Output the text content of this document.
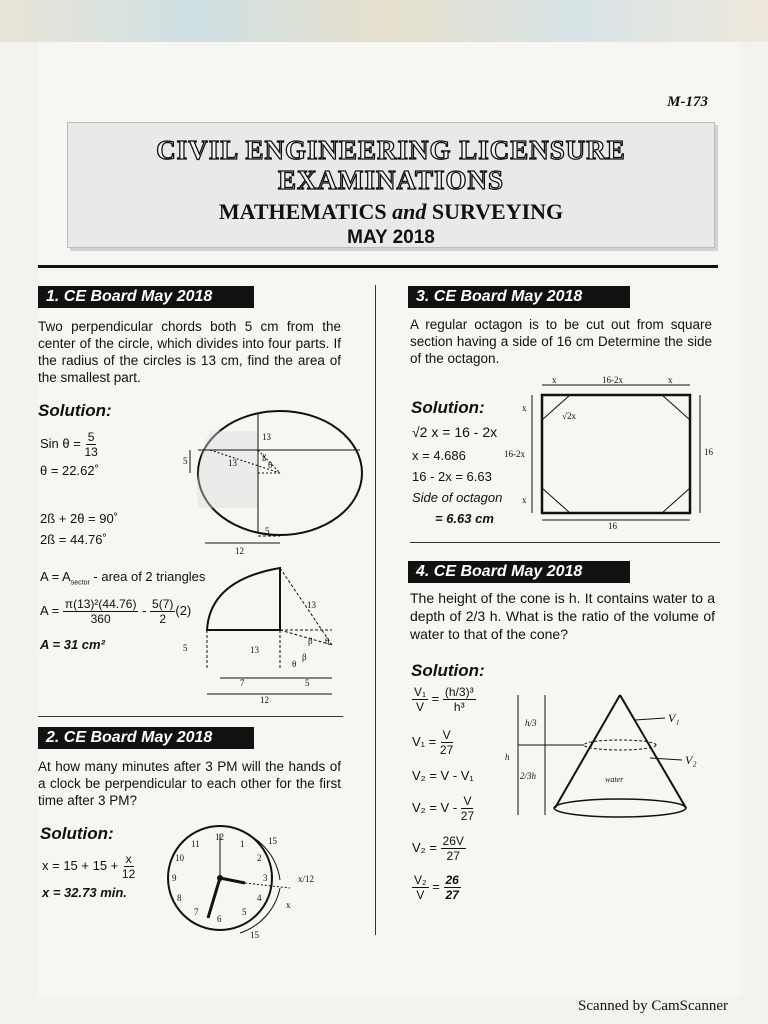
M-173
CIVIL ENGINEERING LICENSURE
EXAMINATIONS
MATHEMATICS and SURVEYING
MAY 2018
1. CE Board May 2018
Two perpendicular chords both 5 cm from the center of the circle, which divides into four parts. If the radius of the circles is 13 cm, find the area of the smallest part.
Solution:
Sin $\theta = \frac{5}{13}$
θ = 22.62˚
2ß + 2θ = 90˚
2ß = 44.76˚
$A = A_{sector}$ - area of 2 triangles
$A = \frac{\text{π(13)²(44.76)}}{360} - \frac{5(7)}{2} (2)$
A = 31 cm²
13
5	13	ß
θ
12
5
13
5	13
β θ
β
θ
7	5
12
2. CE Board May 2018
At how many minutes after 3 PM will the hands of a clock be perpendicular to each other for the first time after 3 PM?
Solution:
$x = 15 + 15 + \frac{x}{12}$
x = 32.73 min.
12
11	1
10	2
9	3
8	4
7	5
6
15
x/12
x
15
3. CE Board May 2018
A regular octagon is to be cut out from square section having a side of 16 cm Determine the side of the octagon.
Solution:
√2 x = 16 - 2x
x = 4.686
16 - 2x = 6.63
Side of octagon
= 6.63 cm
x	16-2x	x
√2x
x
16-2x
x
16
16
4. CE Board May 2018
The height of the cone is h. It contains water to a depth of 2/3 h. What is the ratio of the volume of water to that of the cone?
Solution:
$\frac{\text{V₁}}{V} = \frac{\text{(h/3)³}}{\text{h³}}$
$V_1 = \frac{V}{27}$
V₂ = V - V₁
$V_2 = V - \frac{V}{27}$
$V_2 = \frac{26V}{27}$
$\frac{\text{V₂}}{V} = \frac{26}{27}$
h/3
h
2/3h
V₁
V₂
water
Scanned by CamScanner
